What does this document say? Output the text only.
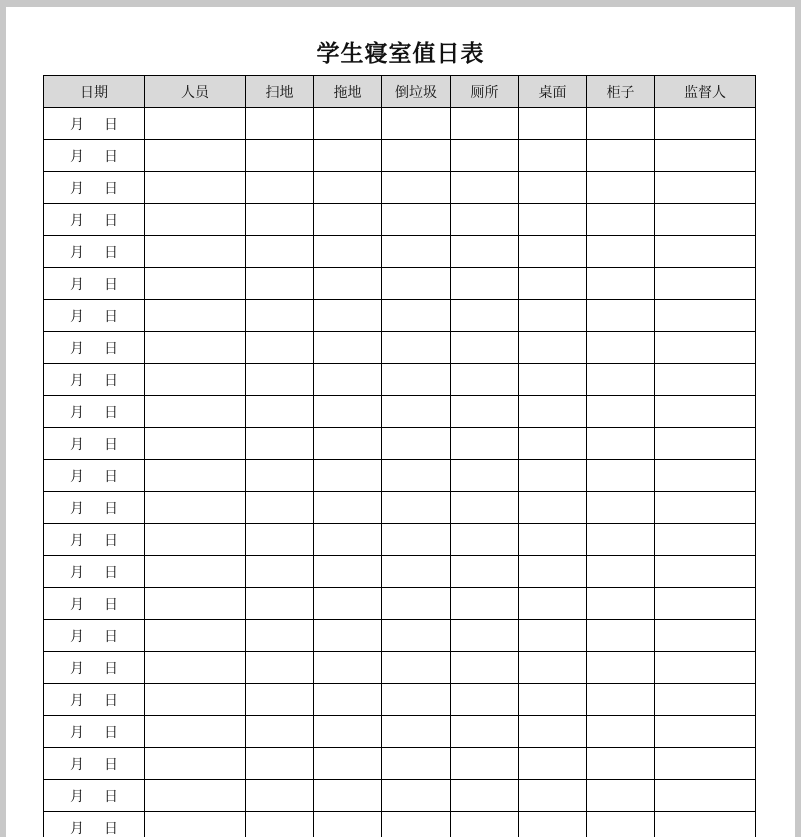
学生寝室值日表
日期	人员	扫地	拖地	倒垃圾	厕所	桌面	柜子	监督人
月 日								
月 日								
月 日								
月 日								
月 日								
月 日								
月 日								
月 日								
月 日								
月 日								
月 日								
月 日								
月 日								
月 日								
月 日								
月 日								
月 日								
月 日								
月 日								
月 日								
月 日								
月 日								
月 日								
